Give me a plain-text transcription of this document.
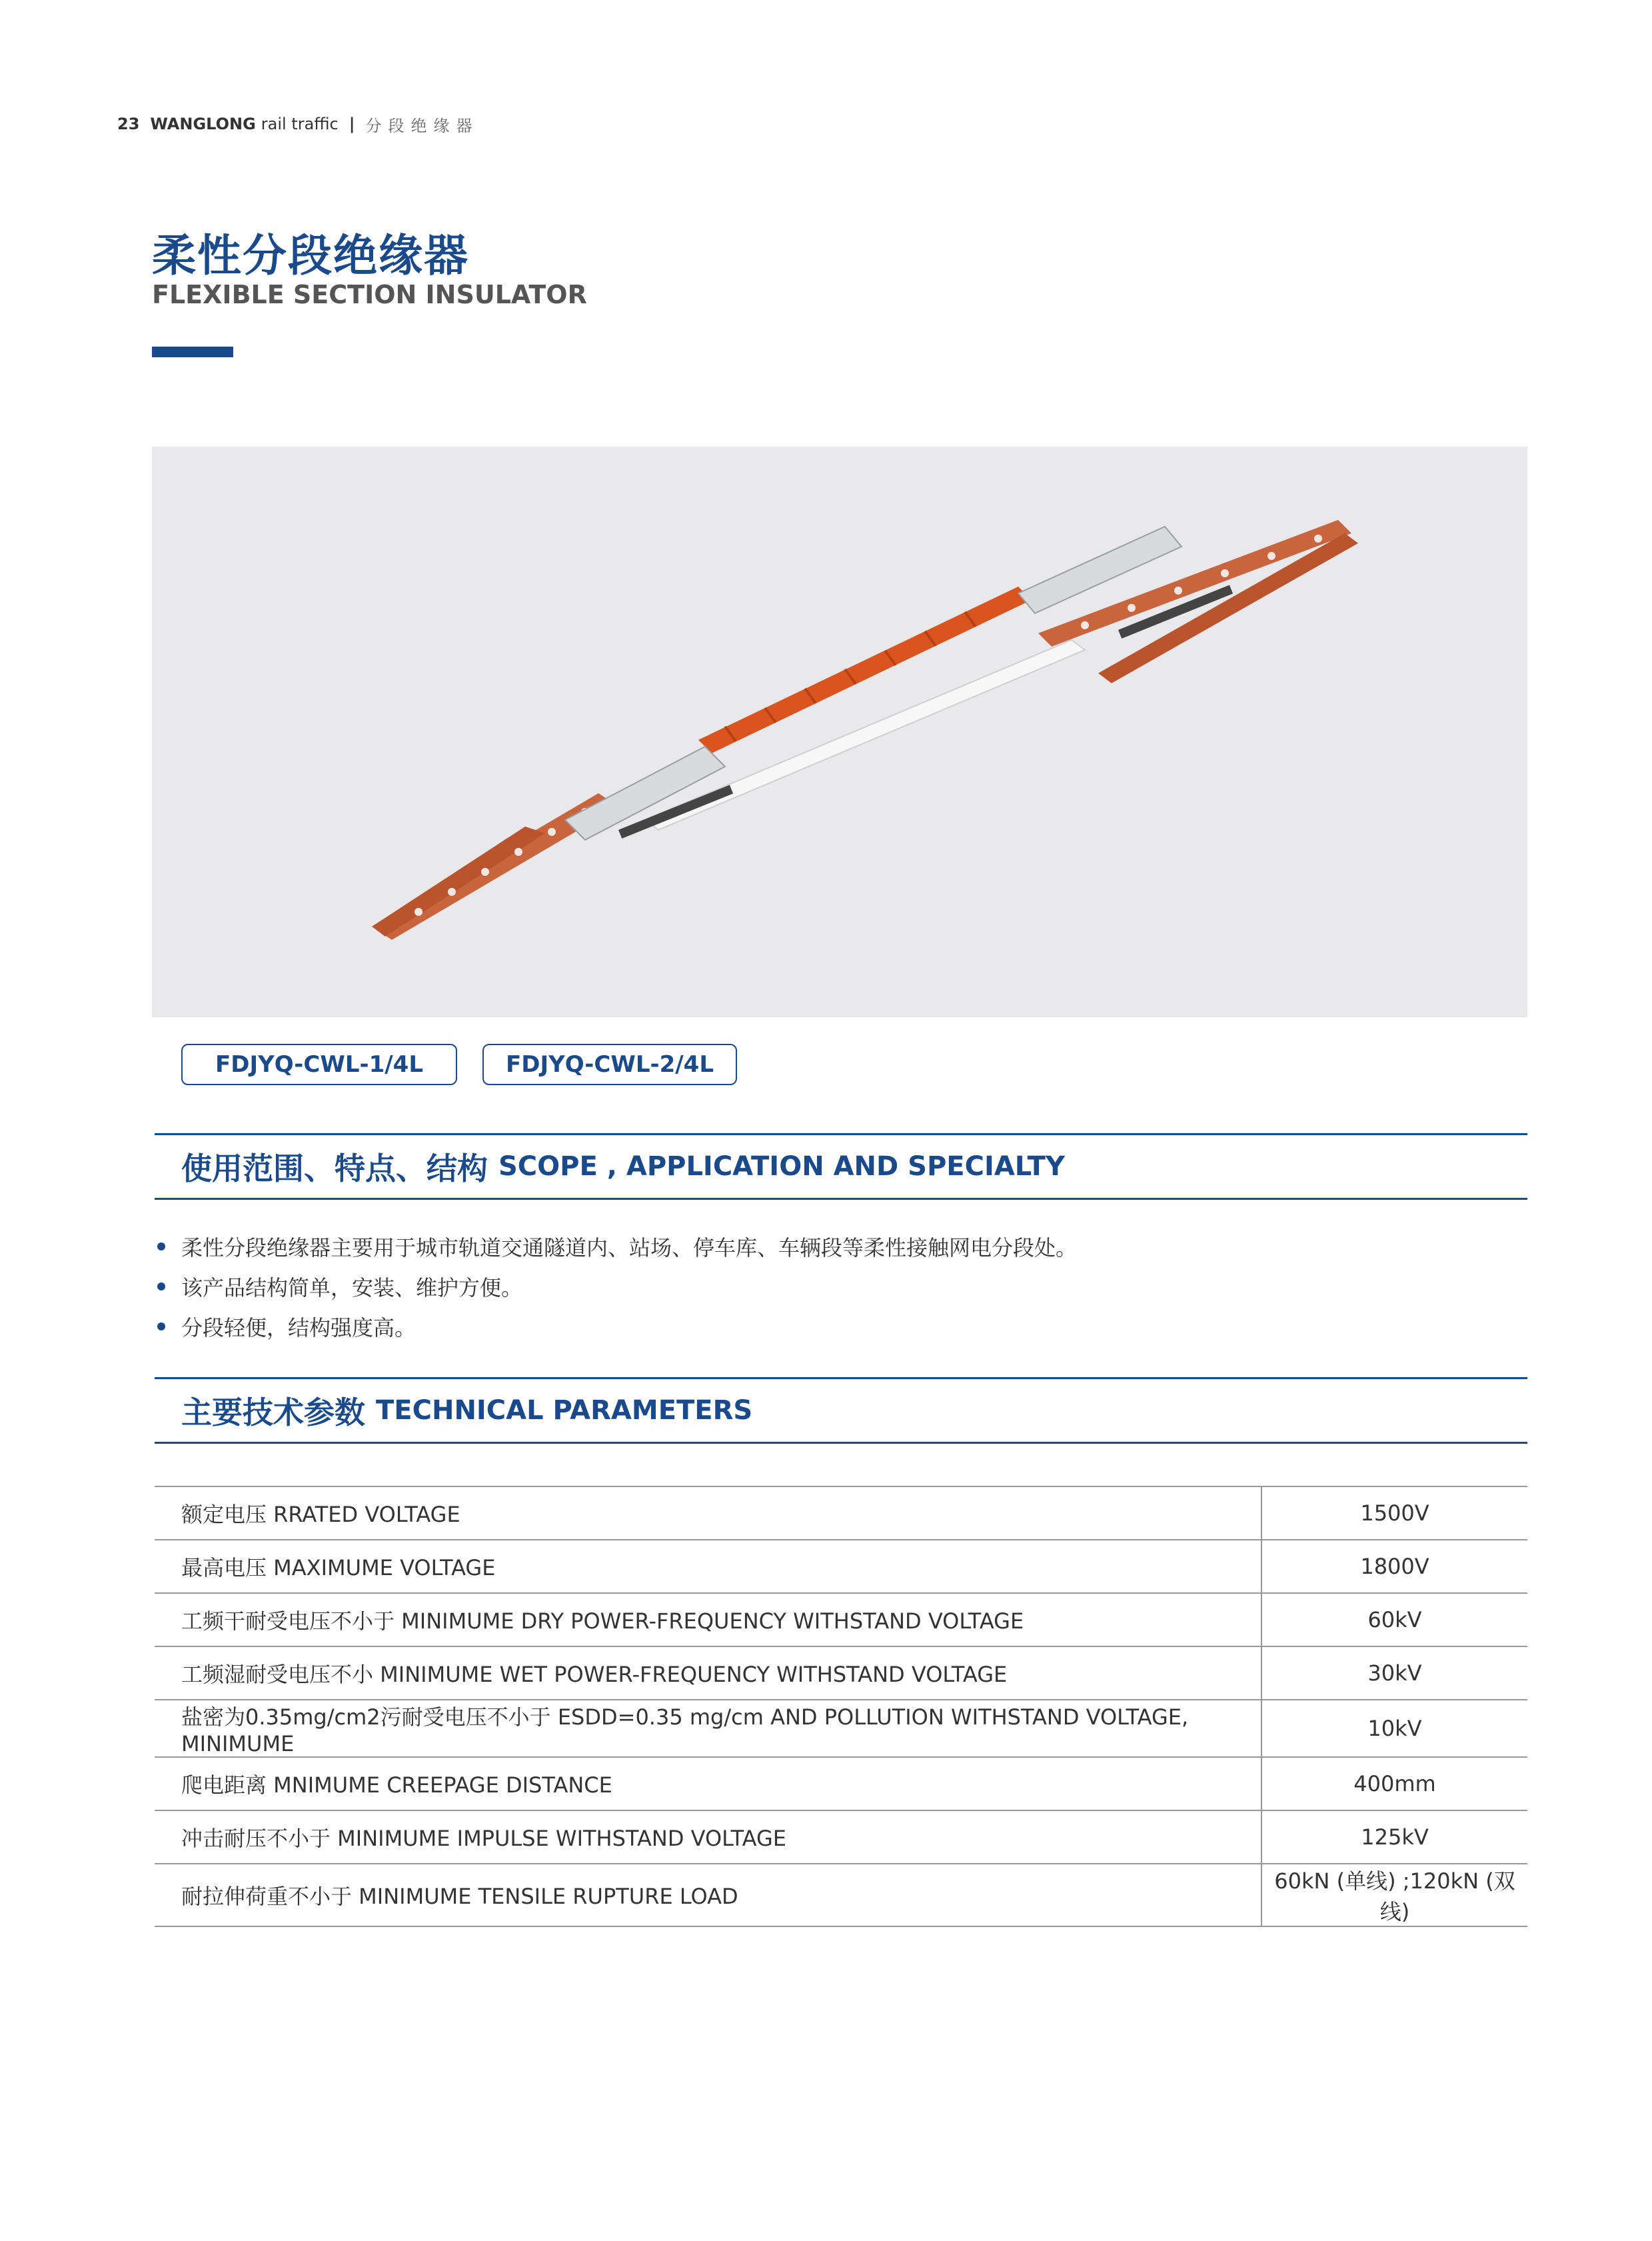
23 WANGLONG rail traffic | 分段绝缘器
柔性分段绝缘器
FLEXIBLE SECTION INSULATOR
FDJYQ-CWL-1/4L	FDJYQ-CWL-2/4L
使用范围、特点、结构 SCOPE , APPLICATION AND SPECIALTY
柔性分段绝缘器主要用于城市轨道交通隧道内、站场、停车库、车辆段等柔性接触网电分段处。
该产品结构简单，安装、维护方便。
分段轻便，结构强度高。
主要技术参数 TECHNICAL PARAMETERS
额定电压 RRATED VOLTAGE	1500V
最高电压 MAXIMUME VOLTAGE	1800V
工频干耐受电压不小于 MINIMUME DRY POWER-FREQUENCY WITHSTAND VOLTAGE	60kV
工频湿耐受电压不小 MINIMUME WET POWER-FREQUENCY WITHSTAND VOLTAGE	30kV
盐密为0.35mg/cm2污耐受电压不小于 ESDD=0.35 mg/cm AND POLLUTION WITHSTAND VOLTAGE, MINIMUME	10kV
爬电距离 MNIMUME CREEPAGE DISTANCE	400mm
冲击耐压不小于 MINIMUME IMPULSE WITHSTAND VOLTAGE	125kV
耐拉伸荷重不小于 MINIMUME TENSILE RUPTURE LOAD	60kN (单线) ;120kN (双线)
